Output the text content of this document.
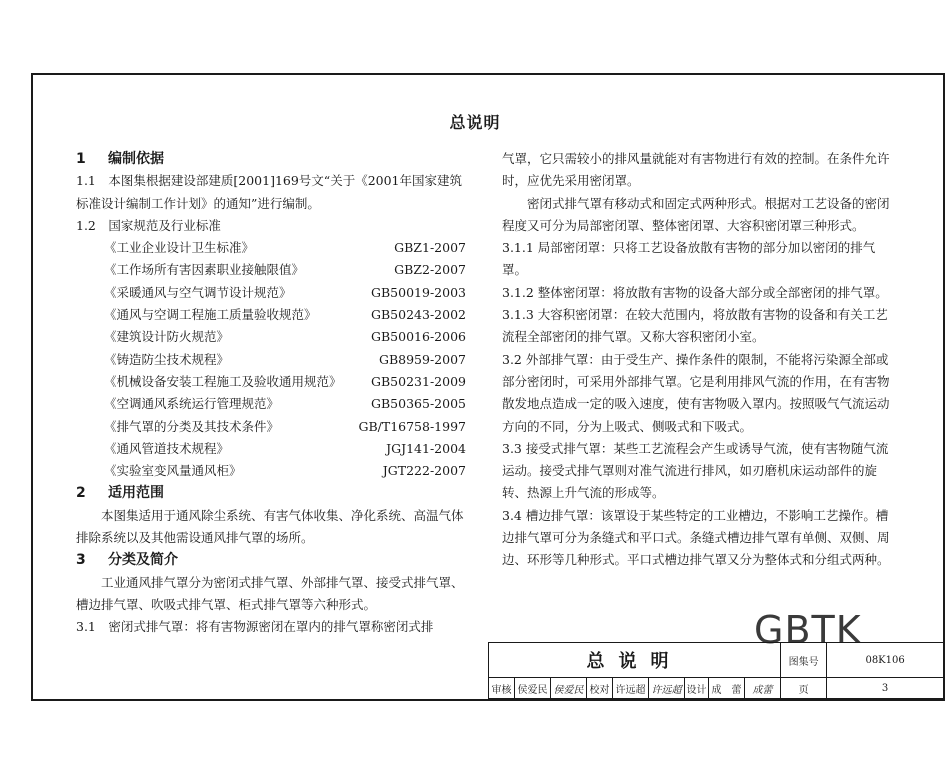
总说明
1 编制依据
1.1　本图集根据建设部建质[2001]169号文“关于《2001年国家建筑标准设计编制工作计划》的通知”进行编制。
1.2　国家规范及行业标准
《工业企业设计卫生标准》	GBZ1-2007
《工作场所有害因素职业接触限值》	GBZ2-2007
《采暖通风与空气调节设计规范》	GB50019-2003
《通风与空调工程施工质量验收规范》	GB50243-2002
《建筑设计防火规范》	GB50016-2006
《铸造防尘技术规程》	GB8959-2007
《机械设备安装工程施工及验收通用规范》 GB50231-2009
《空调通风系统运行管理规范》	GB50365-2005
《排气罩的分类及其技术条件》	GB/T16758-1997
《通风管道技术规程》	JGJ141-2004
《实验室变风量通风柜》	JGT222-2007
2 适用范围
本图集适用于通风除尘系统、有害气体收集、净化系统、高温气体排除系统以及其他需设通风排气罩的场所。
3 分类及简介
工业通风排气罩分为密闭式排气罩、外部排气罩、接受式排气罩、槽边排气罩、吹吸式排气罩、柜式排气罩等六种形式。
3.1　密闭式排气罩：将有害物源密闭在罩内的排气罩称密闭式排
气罩，它只需较小的排风量就能对有害物进行有效的控制。在条件允许时，应优先采用密闭罩。
密闭式排气罩有移动式和固定式两种形式。根据对工艺设备的密闭程度又可分为局部密闭罩、整体密闭罩、大容积密闭罩三种形式。
3.1.1 局部密闭罩：只将工艺设备放散有害物的部分加以密闭的排气罩。
3.1.2 整体密闭罩：将放散有害物的设备大部分或全部密闭的排气罩。
3.1.3 大容积密闭罩：在较大范围内，将放散有害物的设备和有关工艺流程全部密闭的排气罩。又称大容积密闭小室。
3.2 外部排气罩：由于受生产、操作条件的限制，不能将污染源全部或部分密闭时，可采用外部排气罩。它是利用排风气流的作用，在有害物散发地点造成一定的吸入速度，使有害物吸入罩内。按照吸气气流运动方向的不同，分为上吸式、侧吸式和下吸式。
3.3 接受式排气罩：某些工艺流程会产生或诱导气流，使有害物随气流运动。接受式排气罩则对准气流进行排风，如刃磨机床运动部件的旋转、热源上升气流的形成等。
3.4 槽边排气罩：该罩设于某些特定的工业槽边，不影响工艺操作。槽边排气罩可分为条缝式和平口式。条缝式槽边排气罩有单侧、双侧、周边、环形等几种形式。平口式槽边排气罩又分为整体式和分组式两种。
GBTK
总说明									图集号	08K106
审核	侯爱民	侯爱民	校对	许远超	许远超	设计	成　蕾	成蕾	页	3
